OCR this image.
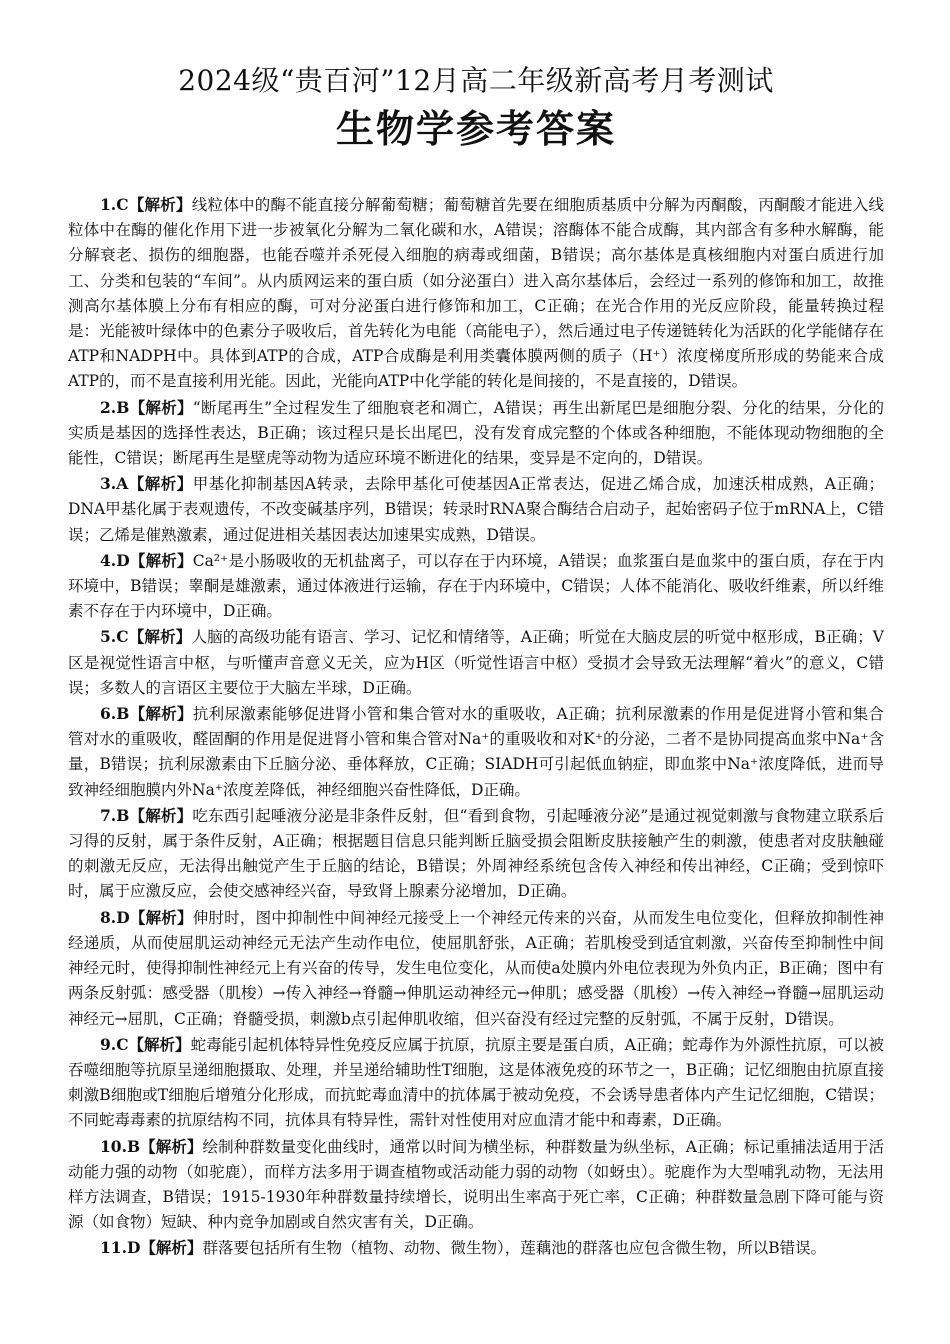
2024级“贵百河”12月高二年级新高考月考测试
生物学参考答案

1.C【解析】线粒体中的酶不能直接分解葡萄糖；葡萄糖首先要在细胞质基质中分解为丙酮酸，丙酮酸才能进入线粒体中在酶的催化作用下进一步被氧化分解为二氧化碳和水，A错误；溶酶体不能合成酶，其内部含有多种水解酶，能分解衰老、损伤的细胞器，也能吞噬并杀死侵入细胞的病毒或细菌，B错误；高尔基体是真核细胞内对蛋白质进行加工、分类和包装的“车间”。从内质网运来的蛋白质（如分泌蛋白）进入高尔基体后，会经过一系列的修饰和加工，故推测高尔基体膜上分布有相应的酶，可对分泌蛋白进行修饰和加工，C正确；在光合作用的光反应阶段，能量转换过程是：光能被叶绿体中的色素分子吸收后，首先转化为电能（高能电子），然后通过电子传递链转化为活跃的化学能储存在ATP和NADPH中。具体到ATP的合成，ATP合成酶是利用类囊体膜两侧的质子（H⁺）浓度梯度所形成的势能来合成ATP的，而不是直接利用光能。因此，光能向ATP中化学能的转化是间接的，不是直接的，D错误。

2.B【解析】“断尾再生”全过程发生了细胞衰老和凋亡，A错误；再生出新尾巴是细胞分裂、分化的结果，分化的实质是基因的选择性表达，B正确；该过程只是长出尾巴，没有发育成完整的个体或各种细胞，不能体现动物细胞的全能性，C错误；断尾再生是壁虎等动物为适应环境不断进化的结果，变异是不定向的，D错误。

3.A【解析】甲基化抑制基因A转录，去除甲基化可使基因A正常表达，促进乙烯合成，加速沃柑成熟，A正确；DNA甲基化属于表观遗传，不改变碱基序列，B错误；转录时RNA聚合酶结合启动子，起始密码子位于mRNA上，C错误；乙烯是催熟激素，通过促进相关基因表达加速果实成熟，D错误。

4.D【解析】Ca²⁺是小肠吸收的无机盐离子，可以存在于内环境，A错误；血浆蛋白是血浆中的蛋白质，存在于内环境中，B错误；睾酮是雄激素，通过体液进行运输，存在于内环境中，C错误；人体不能消化、吸收纤维素，所以纤维素不存在于内环境中，D正确。

5.C【解析】人脑的高级功能有语言、学习、记忆和情绪等，A正确；听觉在大脑皮层的听觉中枢形成，B正确；V区是视觉性语言中枢，与听懂声音意义无关，应为H区（听觉性语言中枢）受损才会导致无法理解“着火”的意义，C错误；多数人的言语区主要位于大脑左半球，D正确。

6.B【解析】抗利尿激素能够促进肾小管和集合管对水的重吸收，A正确；抗利尿激素的作用是促进肾小管和集合管对水的重吸收，醛固酮的作用是促进肾小管和集合管对Na⁺的重吸收和对K⁺的分泌，二者不是协同提高血浆中Na⁺含量，B错误；抗利尿激素由下丘脑分泌、垂体释放，C正确；SIADH可引起低血钠症，即血浆中Na⁺浓度降低，进而导致神经细胞膜内外Na⁺浓度差降低，神经细胞兴奋性降低，D正确。

7.B【解析】吃东西引起唾液分泌是非条件反射，但“看到食物，引起唾液分泌”是通过视觉刺激与食物建立联系后习得的反射，属于条件反射，A正确；根据题目信息只能判断丘脑受损会阻断皮肤接触产生的刺激，使患者对皮肤触碰的刺激无反应，无法得出触觉产生于丘脑的结论，B错误；外周神经系统包含传入神经和传出神经，C正确；受到惊吓时，属于应激反应，会使交感神经兴奋，导致肾上腺素分泌增加，D正确。

8.D【解析】伸肘时，图中抑制性中间神经元接受上一个神经元传来的兴奋，从而发生电位变化，但释放抑制性神经递质，从而使屈肌运动神经元无法产生动作电位，使屈肌舒张，A正确；若肌梭受到适宜刺激，兴奋传至抑制性中间神经元时，使得抑制性神经元上有兴奋的传导，发生电位变化，从而使a处膜内外电位表现为外负内正，B正确；图中有两条反射弧：感受器（肌梭）→传入神经→脊髓→伸肌运动神经元→伸肌；感受器（肌梭）→传入神经→脊髓→屈肌运动神经元→屈肌，C正确；脊髓受损，刺激b点引起伸肌收缩，但兴奋没有经过完整的反射弧，不属于反射，D错误。

9.C【解析】蛇毒能引起机体特异性免疫反应属于抗原，抗原主要是蛋白质，A正确；蛇毒作为外源性抗原，可以被吞噬细胞等抗原呈递细胞摄取、处理，并呈递给辅助性T细胞，这是体液免疫的环节之一，B正确；记忆细胞由抗原直接刺激B细胞或T细胞后增殖分化形成，而抗蛇毒血清中的抗体属于被动免疫，不会诱导患者体内产生记忆细胞，C错误；不同蛇毒毒素的抗原结构不同，抗体具有特异性，需针对性使用对应血清才能中和毒素，D正确。

10.B【解析】绘制种群数量变化曲线时，通常以时间为横坐标，种群数量为纵坐标，A正确；标记重捕法适用于活动能力强的动物（如驼鹿），而样方法多用于调查植物或活动能力弱的动物（如蚜虫）。驼鹿作为大型哺乳动物，无法用样方法调查，B错误；1915-1930年种群数量持续增长，说明出生率高于死亡率，C正确；种群数量急剧下降可能与资源（如食物）短缺、种内竞争加剧或自然灾害有关，D正确。

11.D【解析】群落要包括所有生物（植物、动物、微生物），莲藕池的群落也应包含微生物，所以B错误。
